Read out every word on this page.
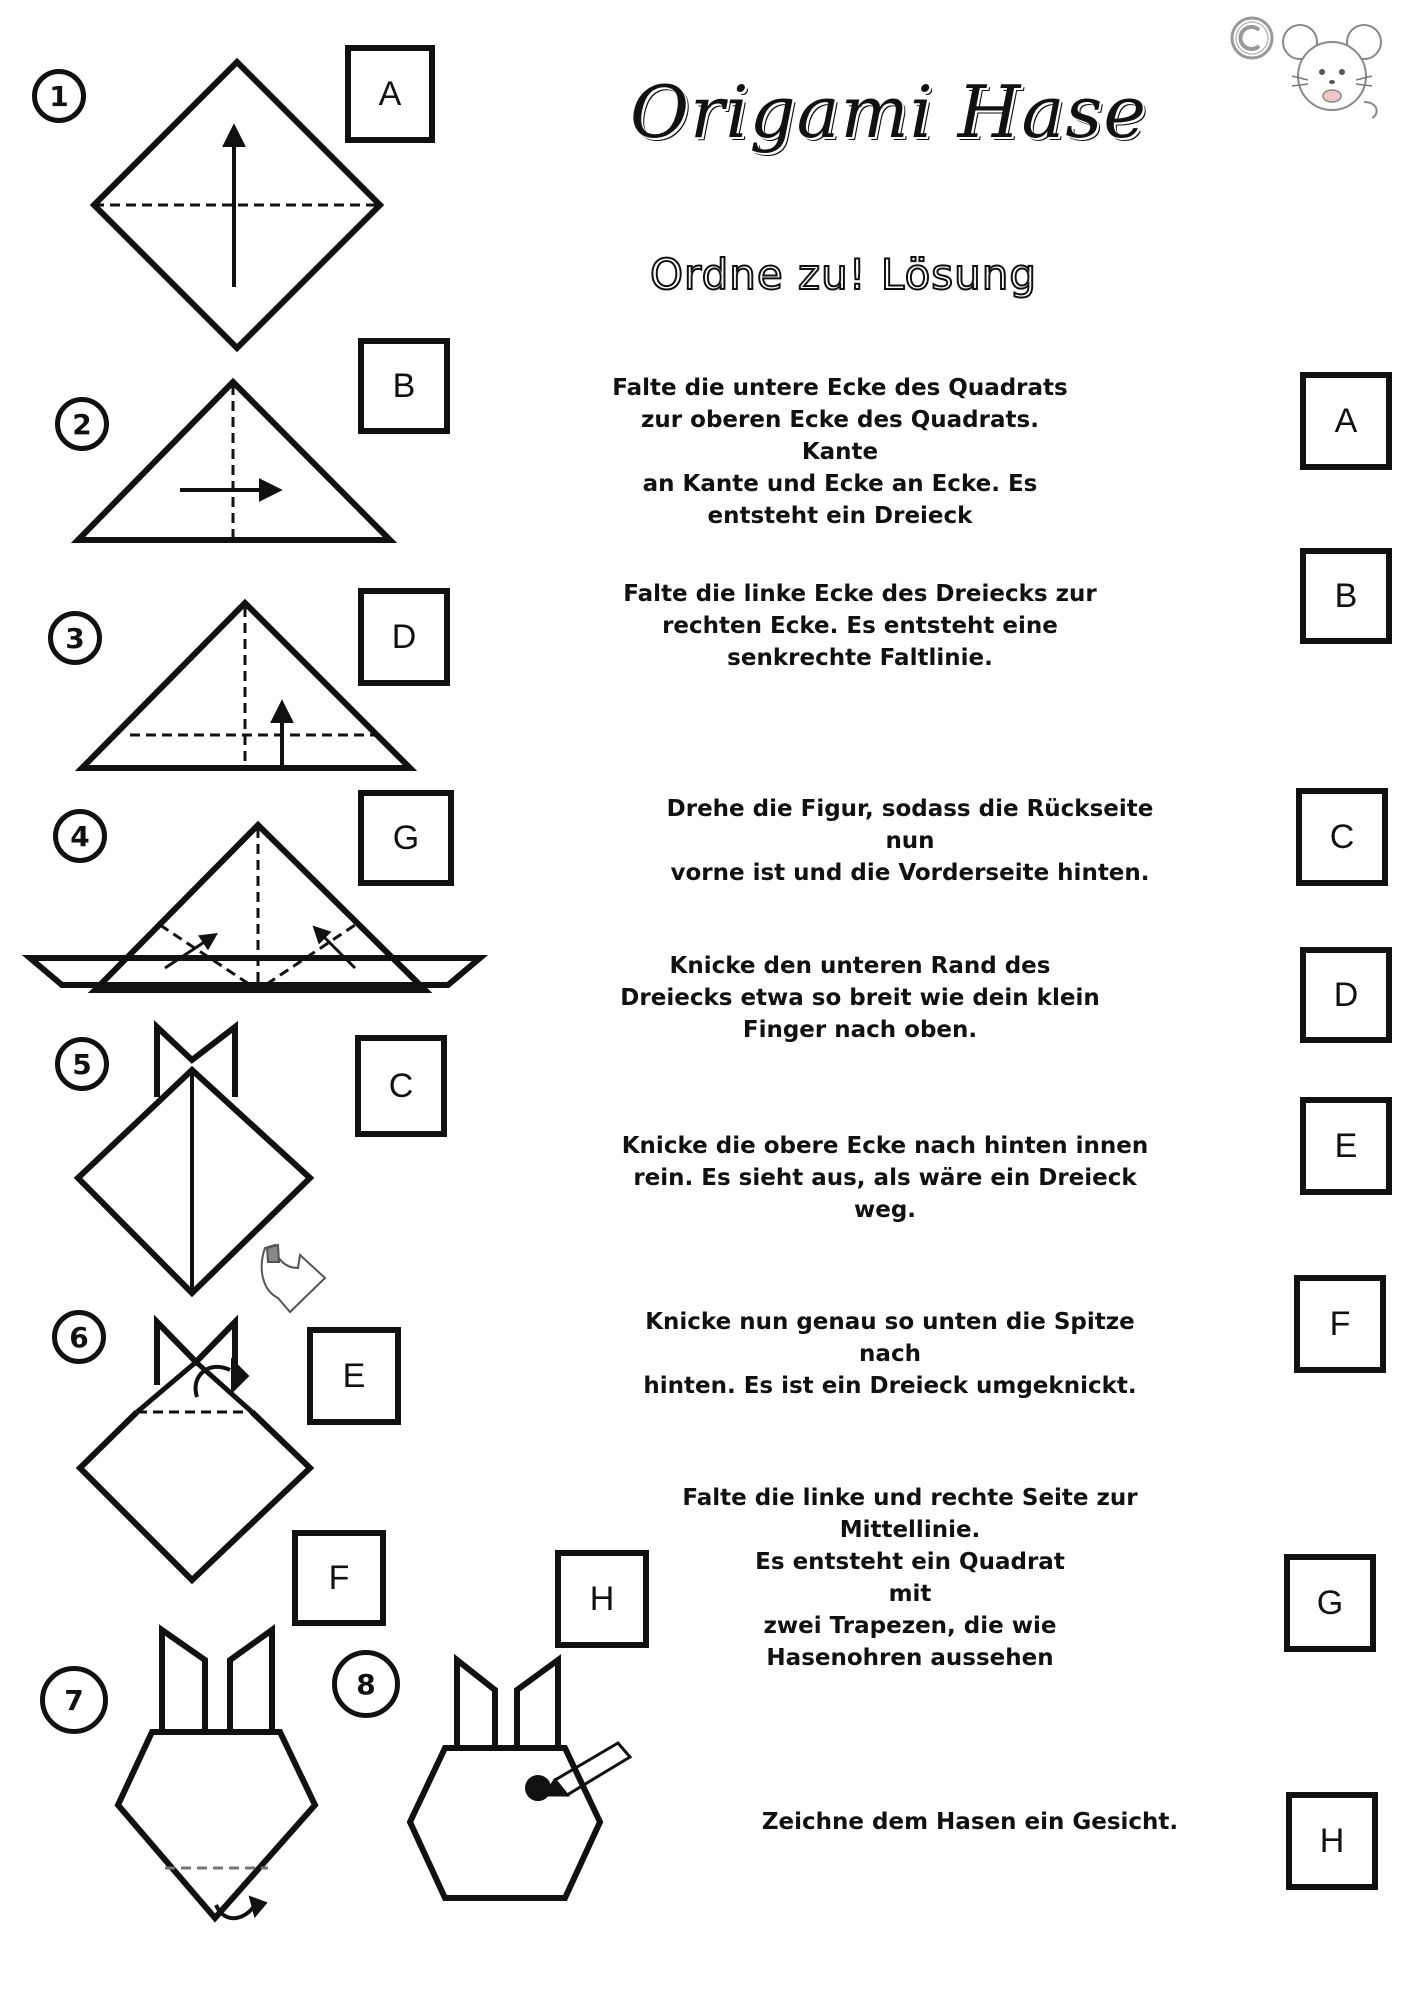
Origami Hase
Ordne zu! Lösung
1
2
3
4
5
6
7	8
A
B
D
G
C
E
F
H
Falte die untere Ecke des Quadrats
zur oberen Ecke des Quadrats. Kante
an Kante und Ecke an Ecke. Es
entsteht ein Dreieck
Falte die linke Ecke des Dreiecks zur
rechten Ecke. Es entsteht eine
senkrechte Faltlinie.
Drehe die Figur, sodass die Rückseite nun
vorne ist und die Vorderseite hinten.
Knicke den unteren Rand des
Dreiecks etwa so breit wie dein klein
Finger nach oben.
Knicke die obere Ecke nach hinten innen
rein. Es sieht aus, als wäre ein Dreieck weg.
Knicke nun genau so unten die Spitze nach
hinten. Es ist ein Dreieck umgeknickt.
Falte die linke und rechte Seite zur Mittellinie.
Es entsteht ein Quadrat
mit
zwei Trapezen, die wie
Hasenohren aussehen
Zeichne dem Hasen ein Gesicht.
A
B
C
D
E
F
G
H
